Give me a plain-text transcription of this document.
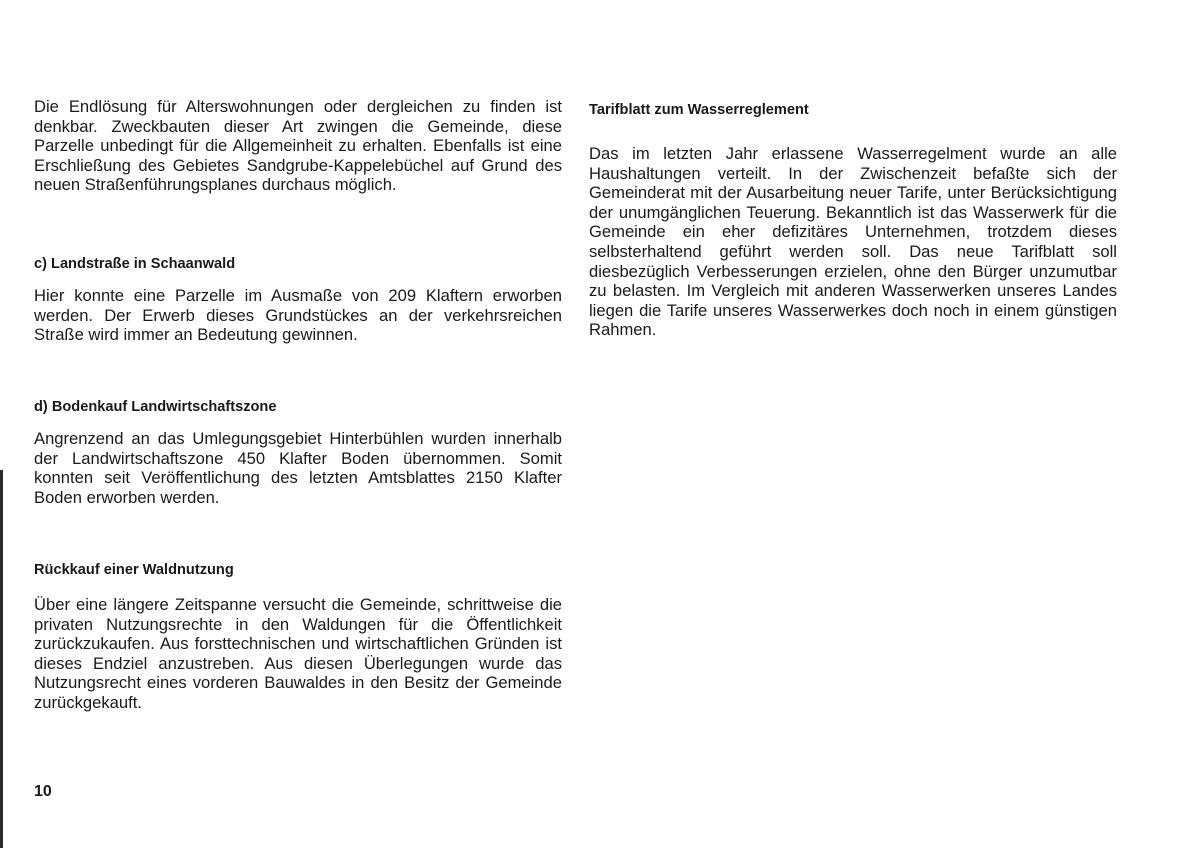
Die Endlösung für Alterswohnungen oder dergleichen zu finden ist denkbar. Zweckbauten dieser Art zwingen die Gemeinde, diese Parzelle unbedingt für die Allgemeinheit zu erhalten. Ebenfalls ist eine Erschließung des Gebietes Sandgrube-Kappelebüchel auf Grund des neuen Straßenführungsplanes durchaus möglich.

c) Landstraße in Schaanwald

Hier konnte eine Parzelle im Ausmaße von 209 Klaftern erworben werden. Der Erwerb dieses Grundstückes an der verkehrsreichen Straße wird immer an Bedeutung gewinnen.

d) Bodenkauf Landwirtschaftszone

Angrenzend an das Umlegungsgebiet Hinterbühlen wurden innerhalb der Landwirtschaftszone 450 Klafter Boden übernommen. Somit konnten seit Veröffentlichung des letzten Amtsblattes 2150 Klafter Boden erworben werden.

Rückkauf einer Waldnutzung

Über eine längere Zeitspanne versucht die Gemeinde, schrittweise die privaten Nutzungsrechte in den Waldungen für die Öffentlichkeit zurückzukaufen. Aus forsttechnischen und wirtschaftlichen Gründen ist dieses Endziel anzustreben. Aus diesen Überlegungen wurde das Nutzungsrecht eines vorderen Bauwaldes in den Besitz der Gemeinde zurückgekauft.

Tarifblatt zum Wasserreglement

Das im letzten Jahr erlassene Wasserregelment wurde an alle Haushaltungen verteilt. In der Zwischenzeit befaßte sich der Gemeinderat mit der Ausarbeitung neuer Tarife, unter Berücksichtigung der unumgänglichen Teuerung. Bekanntlich ist das Wasserwerk für die Gemeinde ein eher defizitäres Unternehmen, trotzdem dieses selbsterhaltend geführt werden soll. Das neue Tarifblatt soll diesbezüglich Verbesserungen erzielen, ohne den Bürger unzumutbar zu belasten. Im Vergleich mit anderen Wasserwerken unseres Landes liegen die Tarife unseres Wasserwerkes doch noch in einem günstigen Rahmen.

10
